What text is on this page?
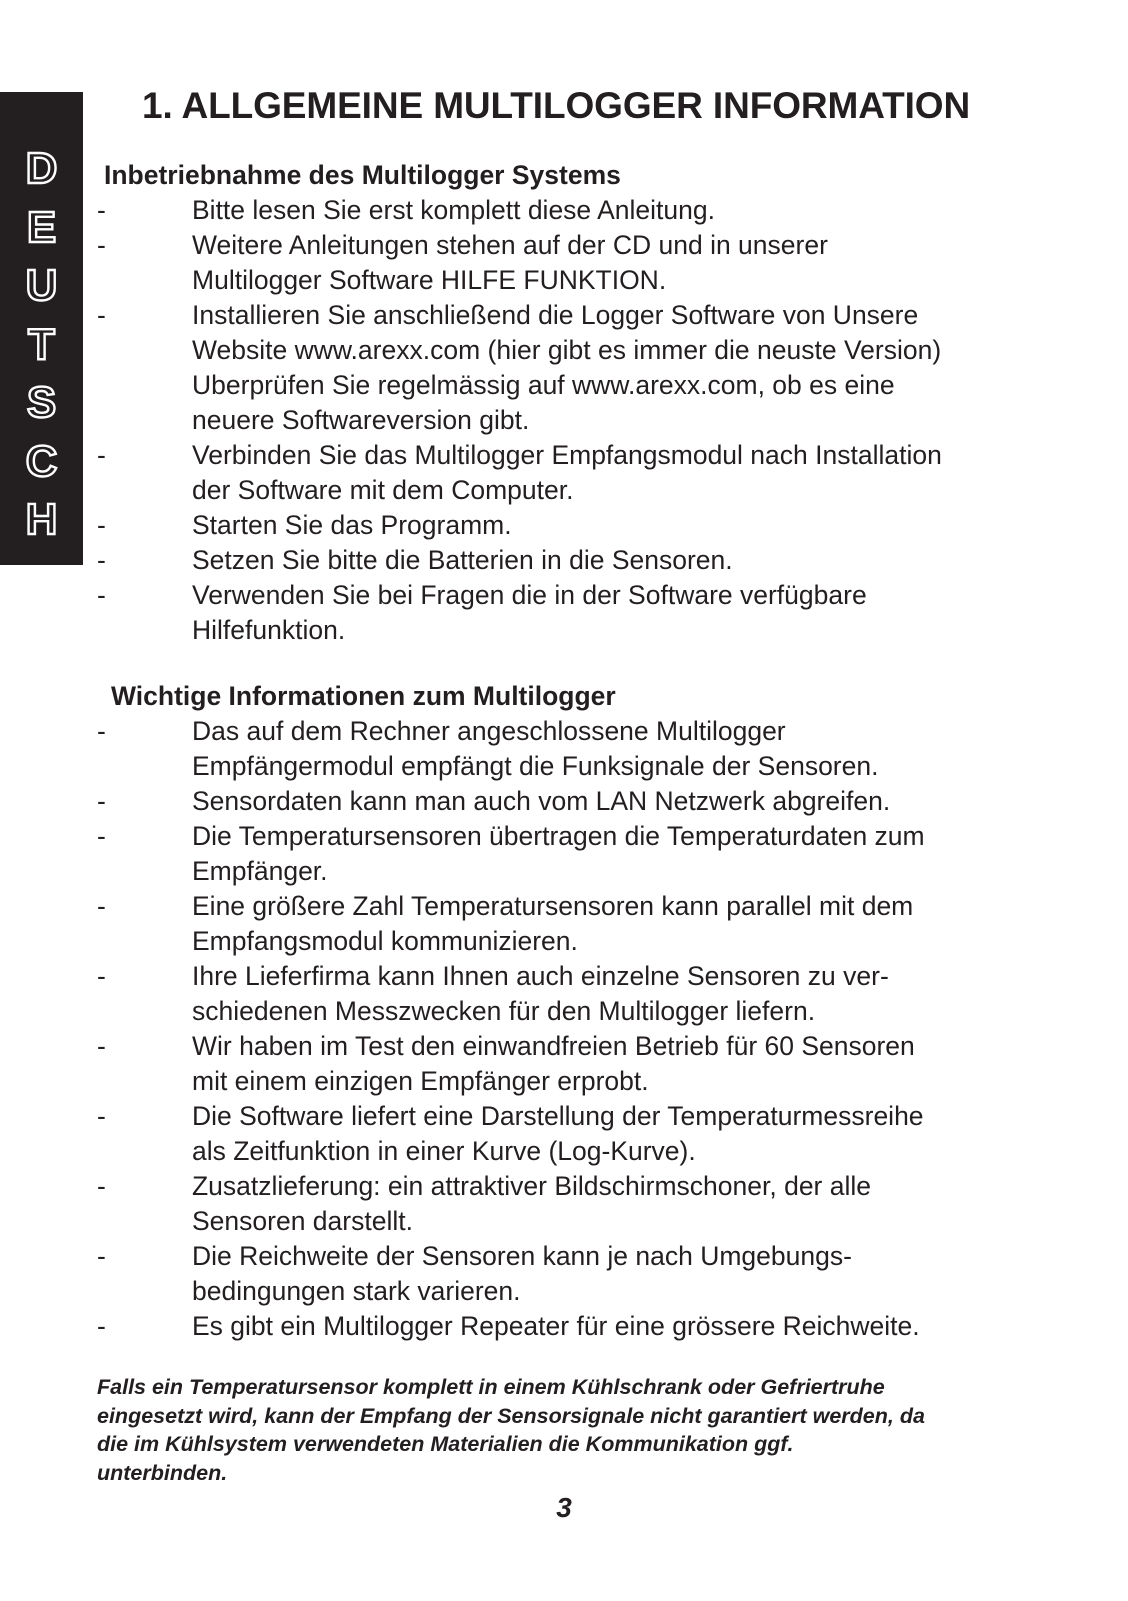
D
E
U
T
S
C
H
1. ALLGEMEINE MULTILOGGER INFORMATION
Inbetriebnahme des Multilogger Systems
-	Bitte lesen Sie erst komplett diese Anleitung.
-	Weitere Anleitungen stehen auf der CD und in unserer
Multilogger Software HILFE FUNKTION.
-	Installieren Sie anschließend die Logger Software von Unsere
Website www.arexx.com (hier gibt es immer die neuste Version)
Uberprüfen Sie regelmässig auf www.arexx.com, ob es eine
neuere Softwareversion gibt.
-	Verbinden Sie das Multilogger Empfangsmodul nach Installation
der Software mit dem Computer.
-	Starten Sie das Programm.
-	Setzen Sie bitte die Batterien in die Sensoren.
-	Verwenden Sie bei Fragen die in der Software verfügbare
Hilfefunktion.
Wichtige Informationen zum Multilogger
-	Das auf dem Rechner angeschlossene Multilogger
Empfängermodul empfängt die Funksignale der Sensoren.
-	Sensordaten kann man auch vom LAN Netzwerk abgreifen.
-	Die Temperatursensoren übertragen die Temperaturdaten zum
Empfänger.
-	Eine größere Zahl Temperatursensoren kann parallel mit dem
Empfangsmodul kommunizieren.
-	Ihre Lieferfirma kann Ihnen auch einzelne Sensoren zu ver-
schiedenen Messzwecken für den Multilogger liefern.
-	Wir haben im Test den einwandfreien Betrieb für 60 Sensoren
mit einem einzigen Empfänger erprobt.
-	Die Software liefert eine Darstellung der Temperaturmessreihe
als Zeitfunktion in einer Kurve (Log-Kurve).
-	Zusatzlieferung: ein attraktiver Bildschirmschoner, der alle
Sensoren darstellt.
-	Die Reichweite der Sensoren kann je nach Umgebungs-
bedingungen stark varieren.
-	Es gibt ein Multilogger Repeater für eine grössere Reichweite.

Falls ein Temperatursensor komplett in einem Kühlschrank oder Gefriertruhe
eingesetzt wird, kann der Empfang der Sensorsignale nicht garantiert werden, da
die im Kühlsystem verwendeten Materialien die Kommunikation ggf.
unterbinden.

3
